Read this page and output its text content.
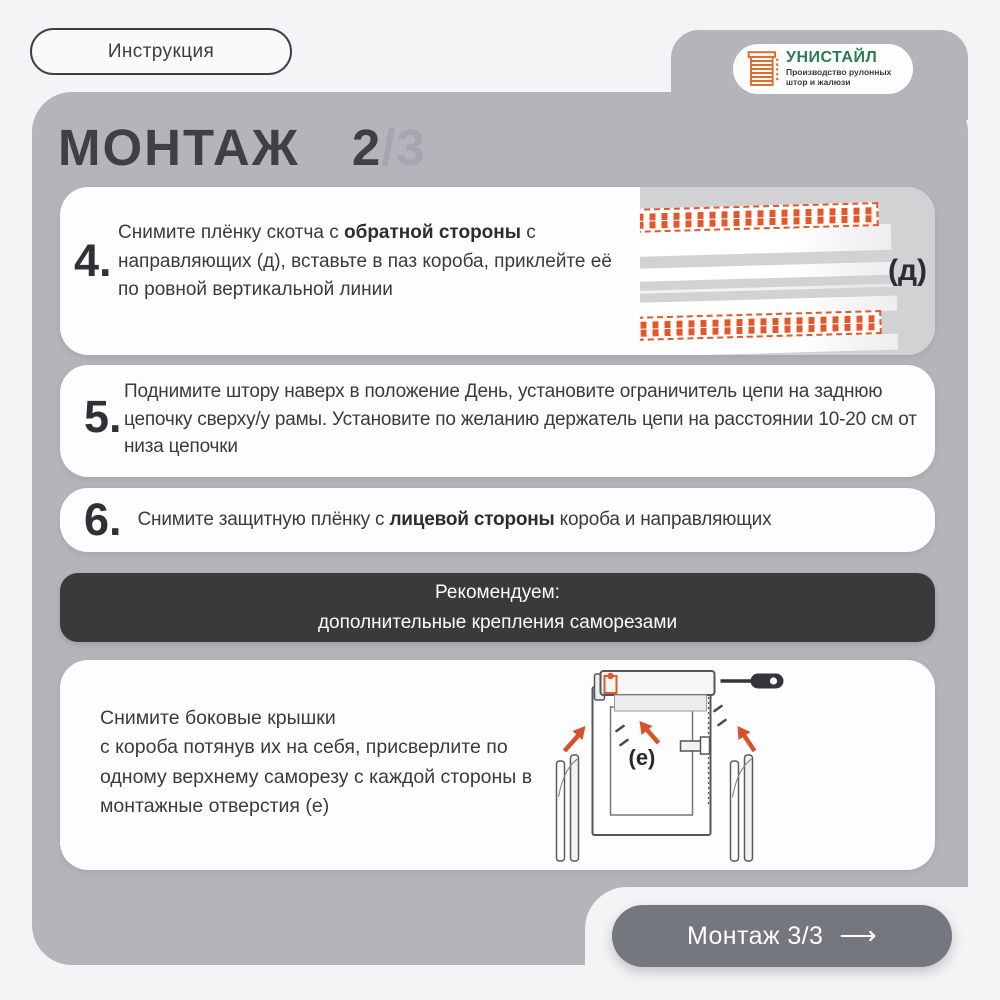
Инструкция	УНИСТАЙЛ
Производство рулонных
штор и жалюзи
МОНТАЖ 2/3
4.
Снимите плёнку скотча с обратной стороны с направляющих (д), вставьте в паз короба, приклейте её по ровной вертикальной линии
(д)
5. Поднимите штору наверх в положение День, установите ограничитель цепи на заднюю цепочку сверху/у рамы. Установите по желанию держатель цепи на расстоянии 10-20 см от низа цепочки
6. Снимите защитную плёнку с лицевой стороны короба и направляющих
Рекомендуем:
дополнительные крепления саморезами
Снимите боковые крышки
с короба потянув их на себя, присверлите по одному верхнему саморезу с каждой стороны в монтажные отверстия (е)
(e)
Монтаж 3/3 ⟶
